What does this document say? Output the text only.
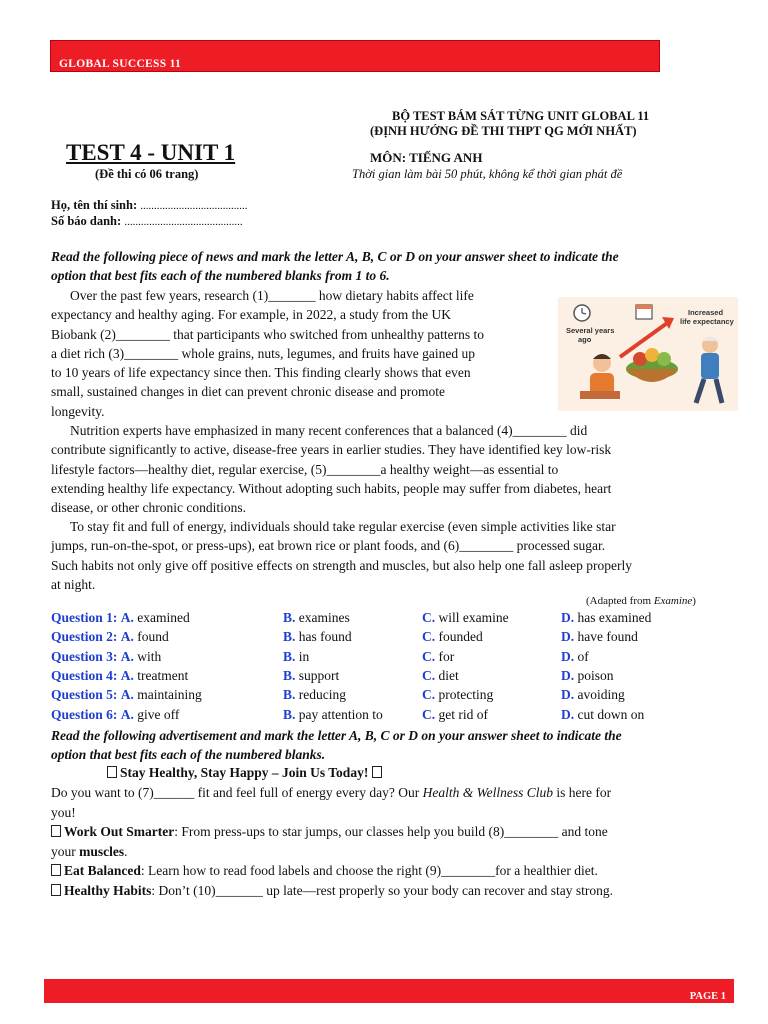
GLOBAL SUCCESS 11
BỘ TEST BÁM SÁT TỪNG UNIT GLOBAL 11
(ĐỊNH HƯỚNG ĐỀ THI THPT QG MỚI NHẤT)
TEST 4 - UNIT 1
(Đề thi có 06 trang)
MÔN: TIẾNG ANH
Thời gian làm bài 50 phút, không kể thời gian phát đề
Họ, tên thí sinh: .......................................
Số báo danh: ...........................................
Read the following piece of news and mark the letter A, B, C or D on your answer sheet to indicate the
option that best fits each of the numbered blanks from 1 to 6.
Over the past few years, research (1)_______ how dietary habits affect life
expectancy and healthy aging. For example, in 2022, a study from the UK
Biobank (2)________ that participants who switched from unhealthy patterns to
a diet rich (3)________ whole grains, nuts, legumes, and fruits have gained up
to 10 years of life expectancy since then. This finding clearly shows that even
small, sustained changes in diet can prevent chronic disease and promote
longevity.
Several years ago
Increased life expectancy
Nutrition experts have emphasized in many recent conferences that a balanced (4)________ did
contribute significantly to active, disease-free years in earlier studies. They have identified key low-risk
lifestyle factors—healthy diet, regular exercise, (5)________a healthy weight—as essential to
extending healthy life expectancy. Without adopting such habits, people may suffer from diabetes, heart
disease, or other chronic conditions.
To stay fit and full of energy, individuals should take regular exercise (even simple activities like star
jumps, run-on-the-spot, or press-ups), eat brown rice or plant foods, and (6)________ processed sugar.
Such habits not only give off positive effects on strength and muscles, but also help one fall asleep properly
at night.
(Adapted from Examine)
Question 1: A. examined	B. examines	C. will examine	D. has examined
Question 2: A. found	B. has found	C. founded	D. have found
Question 3: A. with	B. in	C. for	D. of
Question 4: A. treatment	B. support	C. diet	D. poison
Question 5: A. maintaining	B. reducing	C. protecting	D. avoiding
Question 6: A. give off	B. pay attention to	C. get rid of	D. cut down on
Read the following advertisement and mark the letter A, B, C or D on your answer sheet to indicate the
option that best fits each of the numbered blanks.
Stay Healthy, Stay Happy – Join Us Today!
Do you want to (7)______ fit and feel full of energy every day? Our Health & Wellness Club is here for
you!
Work Out Smarter: From press-ups to star jumps, our classes help you build (8)________ and tone
your muscles.
Eat Balanced: Learn how to read food labels and choose the right (9)________for a healthier diet.
Healthy Habits: Don’t (10)_______ up late—rest properly so your body can recover and stay strong.
PAGE 1
